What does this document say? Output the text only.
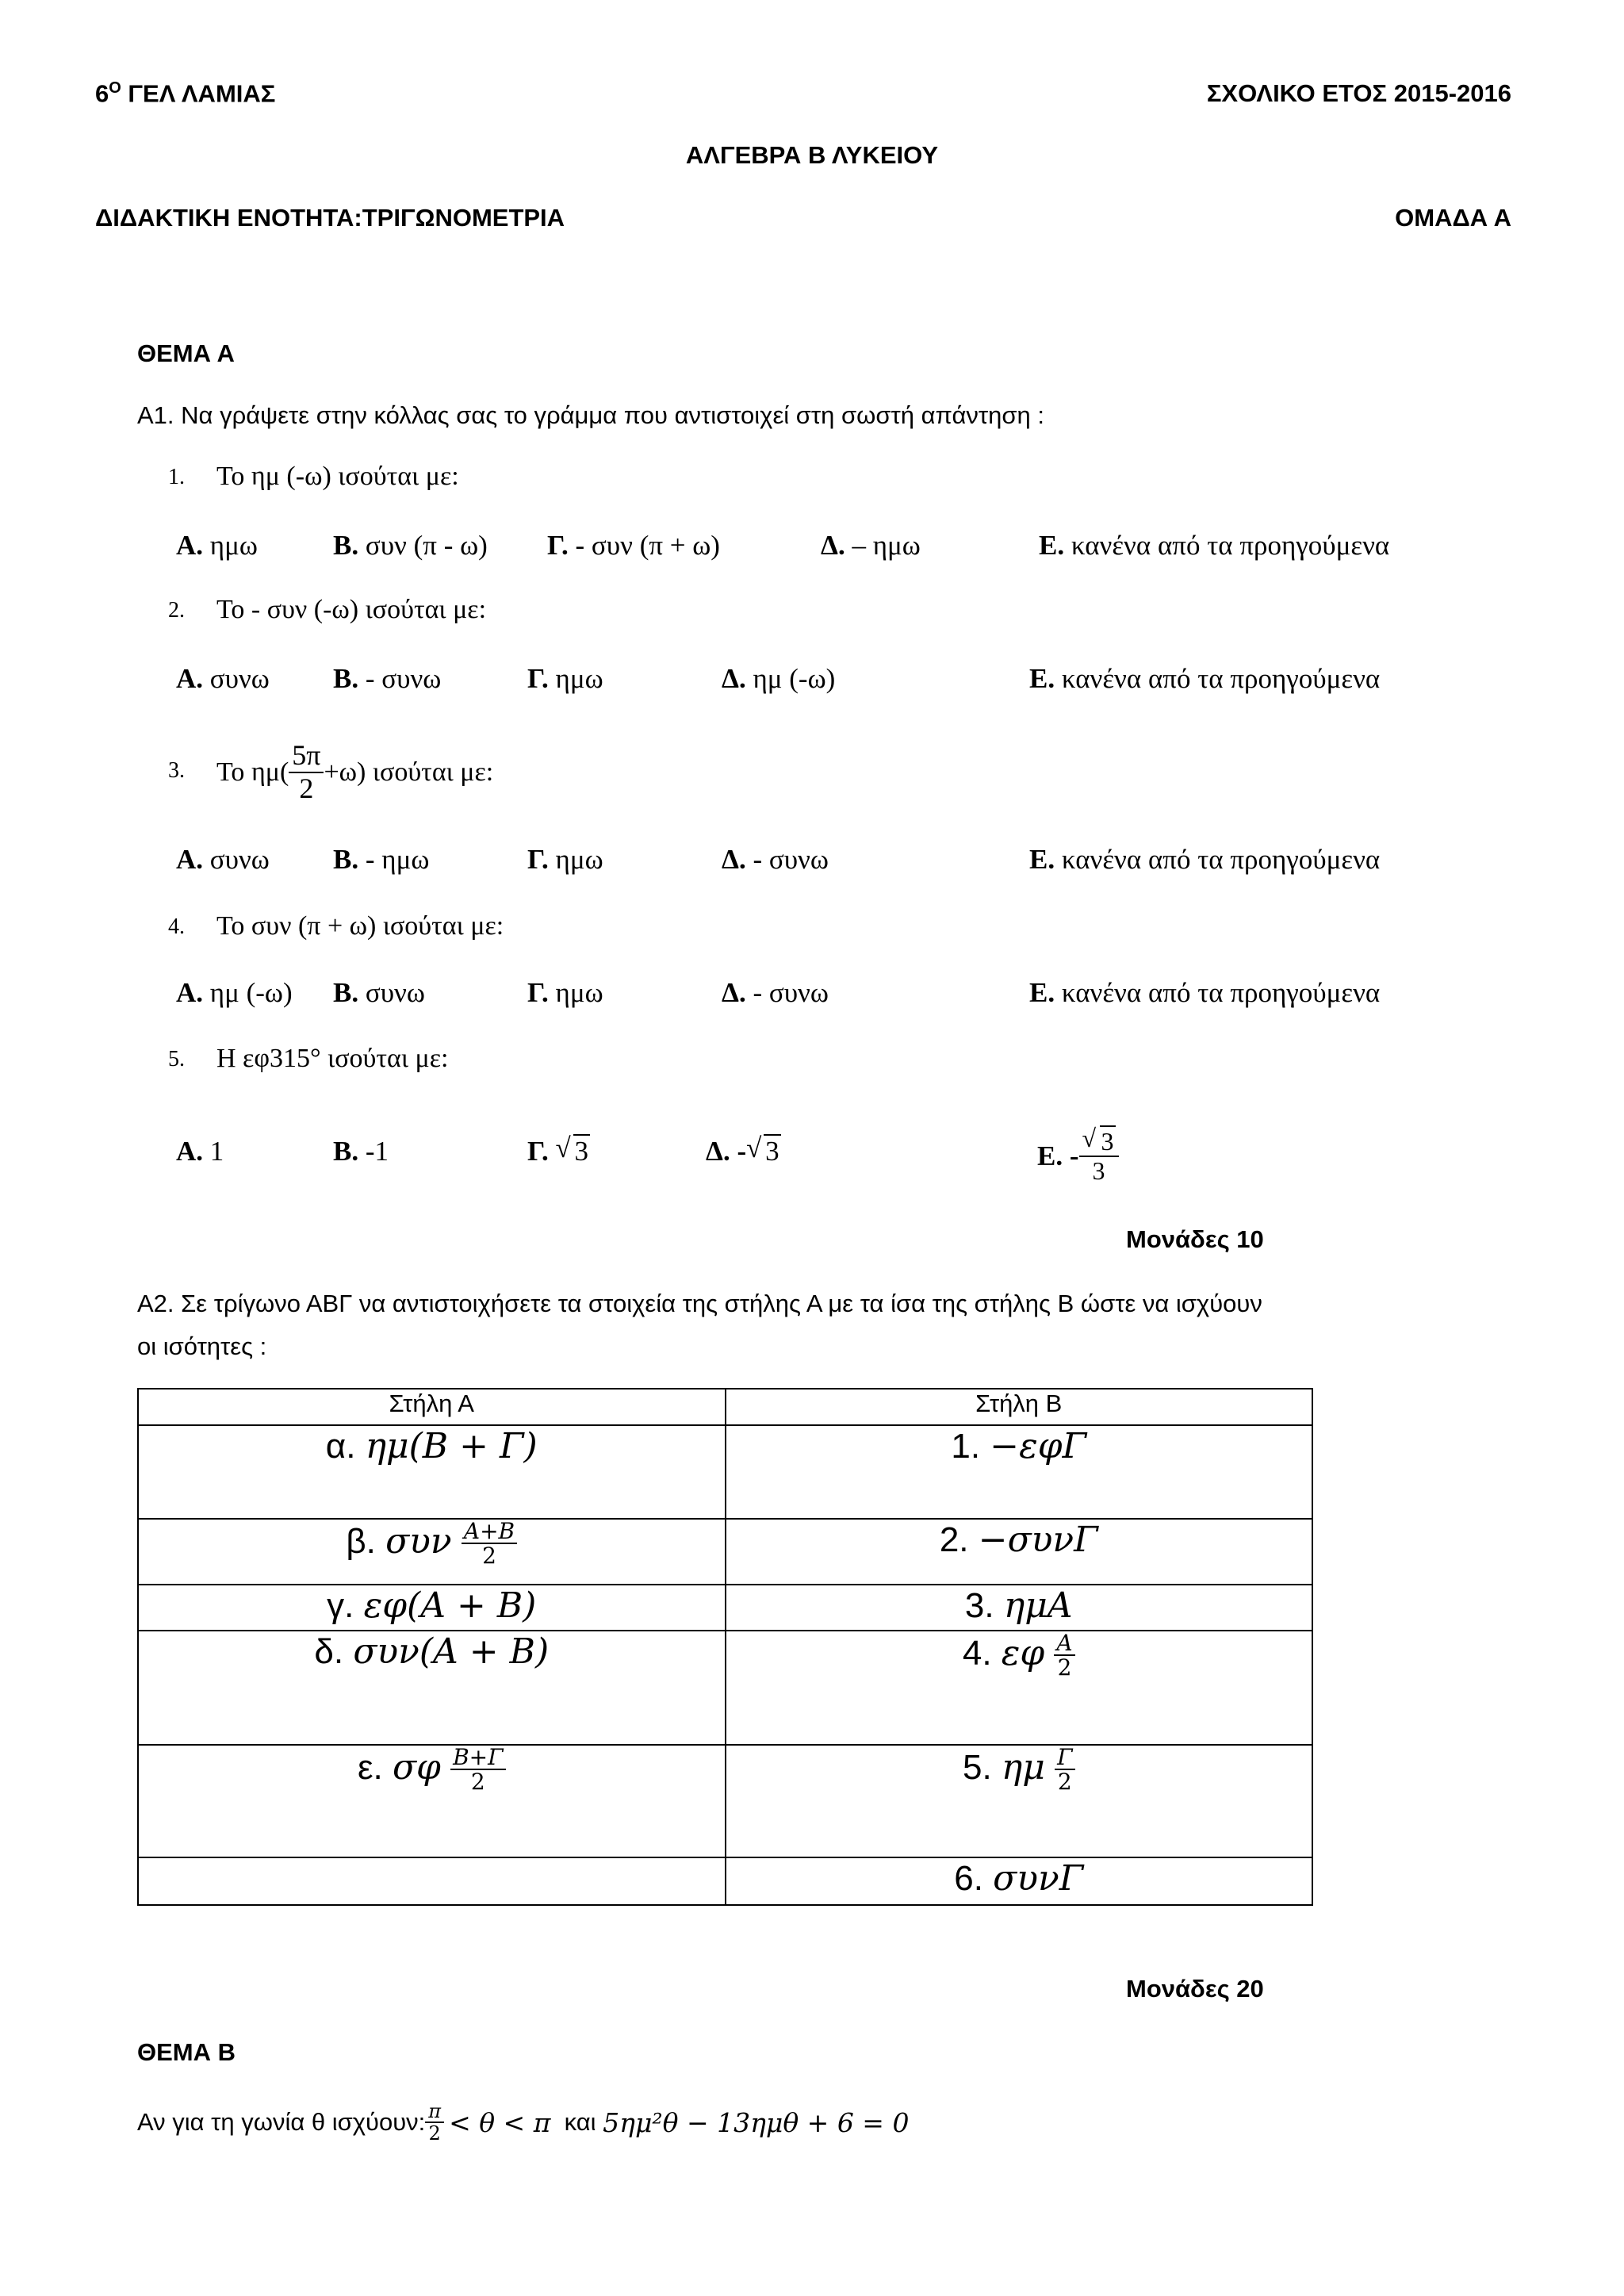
$6^O$ ΓΕΛ ΛΑΜΙΑΣ	ΣΧΟΛΙΚΟ ΕΤΟΣ 2015-2016
ΑΛΓΕΒΡΑ Β ΛΥΚΕΙΟΥ
ΔΙΔΑΚΤΙΚΗ ΕΝΟΤΗΤΑ:ΤΡΙΓΩΝΟΜΕΤΡΙΑ	ΟΜΑΔΑ Α
ΘΕΜΑ Α
Α1. Να γράψετε στην κόλλας σας το γράμμα που αντιστοιχεί στη σωστή απάντηση :
1. Το ημ (-ω) ισούται με:
Α. ημω	Β. συν (π - ω) Γ. - συν (π + ω)	Δ. – ημω	Ε. κανένα από τα προηγούμενα
2. Το - συν (-ω) ισούται με:
Α. συνω Β. - συνω	Γ. ημω	Δ. ημ (-ω)	Ε. κανένα από τα προηγούμενα
3. Το
$\eta\mu( \frac{5\pi}{2} +\omega)$ ισούται με:
Α. συνω Β. - ημω	Γ. ημω	Δ. - συνω	Ε. κανένα από τα προηγούμενα
4. Το συν (π + ω) ισούται με:
Α. ημ (-ω) Β. συνω	Γ. ημω	Δ. - συνω	Ε. κανένα από τα προηγούμενα
5. Η εφ315° ισούται με:
Α. 1	Β. -1	Γ. √ 3	Δ. - √ 3	Ε. - √ $\frac{3}{3}$
Μονάδες 10
Α2. Σε τρίγωνο ΑΒΓ να αντιστοιχήσετε τα στοιχεία της στήλης Α με τα ίσα της στήλης Β ώστε να ισχύουν
οι ισότητες :
Στήλη Α	Στήλη Β
α. ημ(Β + Γ)	1. −εφΓ
β. συν $\frac{A+B}{2}$	2. −συνΓ
γ. εφ(Α + Β)	3. ημΑ
δ. συν(Α + Β)	4. εφ $\frac{A}{2}$

ε. σφ $\frac{B+\Gamma}{2}$	5. ημ $\frac{\Gamma}{2}$

	6. συνΓ
Μονάδες 20
ΘΕΜΑ Β
Αν για τη γωνία θ ισχύουν: $\frac{\pi}{2} < \theta < \pi$ και 5ημ²θ − 13ημθ + 6 = 0
